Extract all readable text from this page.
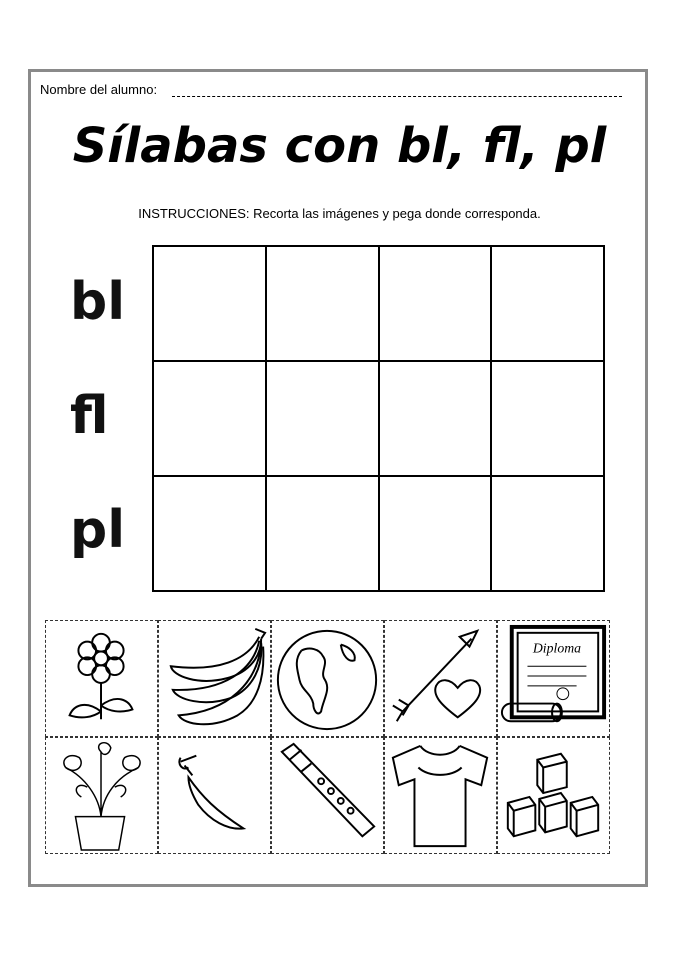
Nombre del alumno:
Sílabas con bl, fl, pl
INSTRUCCIONES: Recorta las imágenes y pega donde corresponda.
bl
fl
pl

Diploma
